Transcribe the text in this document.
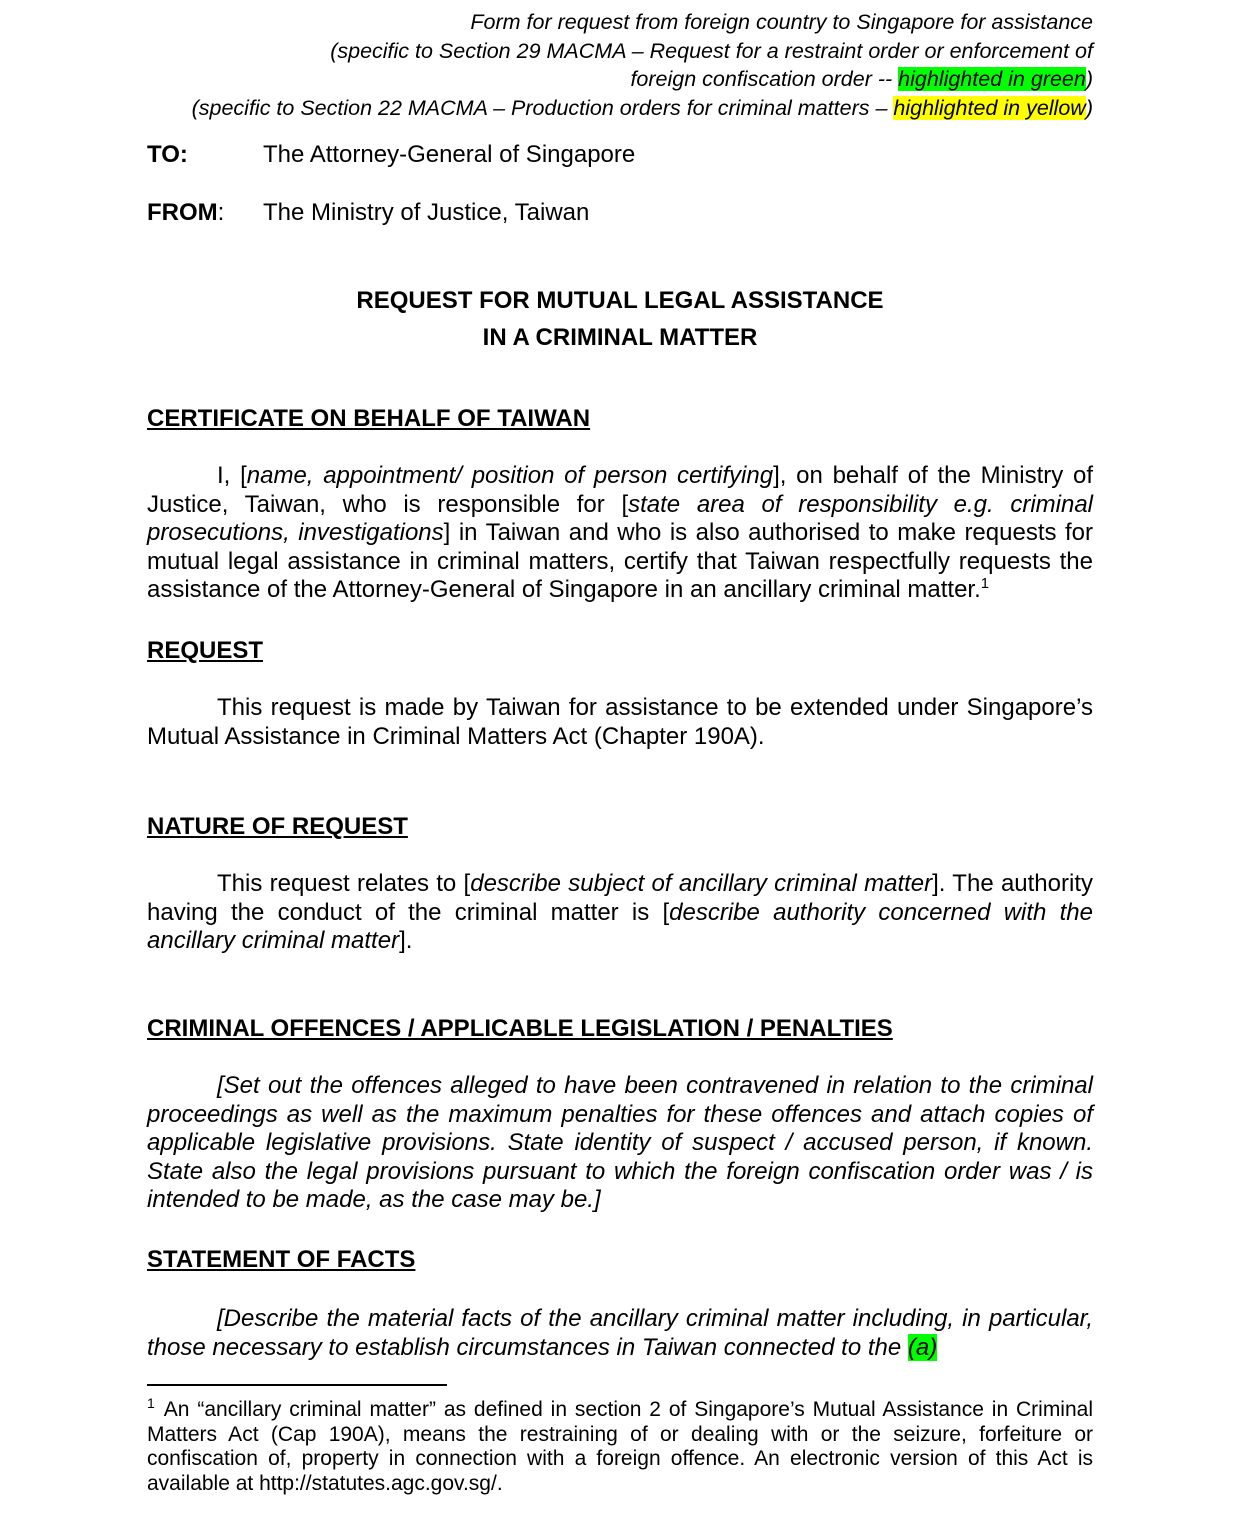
Form for request from foreign country to Singapore for assistance
(specific to Section 29 MACMA – Request for a restraint order or enforcement of
foreign confiscation order -- highlighted in green)
(specific to Section 22 MACMA – Production orders for criminal matters – highlighted in yellow)
TO:	The Attorney-General of Singapore
FROM:	The Ministry of Justice, Taiwan
REQUEST FOR MUTUAL LEGAL ASSISTANCE
IN A CRIMINAL MATTER
CERTIFICATE ON BEHALF OF TAIWAN

I, [name, appointment/ position of person certifying], on behalf of the Ministry of Justice, Taiwan, who is responsible for [state area of responsibility e.g. criminal prosecutions, investigations] in Taiwan and who is also authorised to make requests for mutual legal assistance in criminal matters, certify that Taiwan respectfully requests the assistance of the Attorney-General of Singapore in an ancillary criminal matter.$^1$

REQUEST

This request is made by Taiwan for assistance to be extended under Singapore’s Mutual Assistance in Criminal Matters Act (Chapter 190A).

NATURE OF REQUEST

This request relates to [describe subject of ancillary criminal matter]. The authority having the conduct of the criminal matter is [describe authority concerned with the ancillary criminal matter].

CRIMINAL OFFENCES / APPLICABLE LEGISLATION / PENALTIES

[Set out the offences alleged to have been contravened in relation to the criminal proceedings as well as the maximum penalties for these offences and attach copies of applicable legislative provisions. State identity of suspect / accused person, if known. State also the legal provisions pursuant to which the foreign confiscation order was / is intended to be made, as the case may be.]

STATEMENT OF FACTS

[Describe the material facts of the ancillary criminal matter including, in particular, those necessary to establish circumstances in Taiwan connected to the (a)

$^1$ An “ancillary criminal matter” as defined in section 2 of Singapore’s Mutual Assistance in Criminal Matters Act (Cap 190A), means the restraining of or dealing with or the seizure, forfeiture or confiscation of, property in connection with a foreign offence. An electronic version of this Act is available at http://statutes.agc.gov.sg/.
